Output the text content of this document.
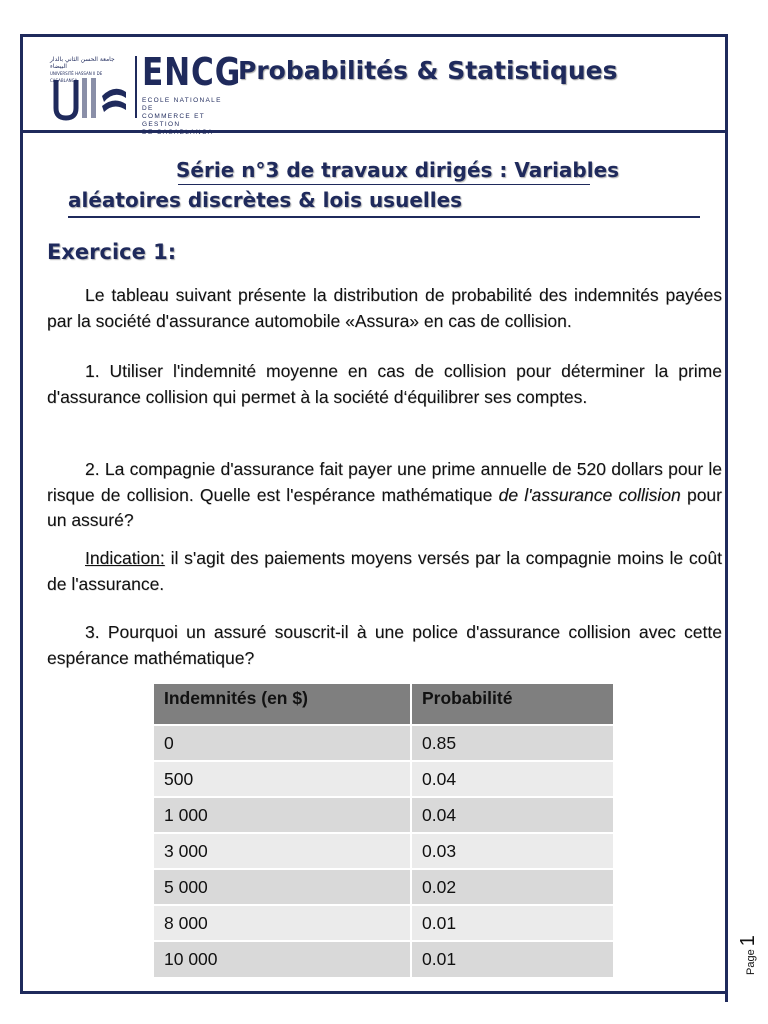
جامعة الحسن الثاني بالدار البيضاء
UNIVERSITÉ HASSAN II DE CASABLANCA	ENCG
ECOLE NATIONALE DE
COMMERCE ET GESTION
DE CASABLANCA
Probabilités & Statistiques
Série n°3 de travaux dirigés : Variables
aléatoires discrètes & lois usuelles
Exercice 1:

Le tableau suivant présente la distribution de probabilité des indemnités payées par la société d'assurance automobile «Assura» en cas de collision.

1. Utiliser l'indemnité moyenne en cas de collision pour déterminer la prime d'assurance collision qui permet à la société d‘équilibrer ses comptes.

2. La compagnie d'assurance fait payer une prime annuelle de 520 dollars pour le risque de collision. Quelle est l'espérance mathématique de l'assurance collision pour un assuré?

Indication: il s'agit des paiements moyens versés par la compagnie moins le coût de l'assurance.

3. Pourquoi un assuré souscrit-il à une police d'assurance collision avec cette espérance mathématique?

Indemnités (en $)	Probabilité
0	0.85
500	0.04
1 000	0.04
3 000	0.03
5 000	0.02
8 000	0.01
10 000	0.01	Page 1
